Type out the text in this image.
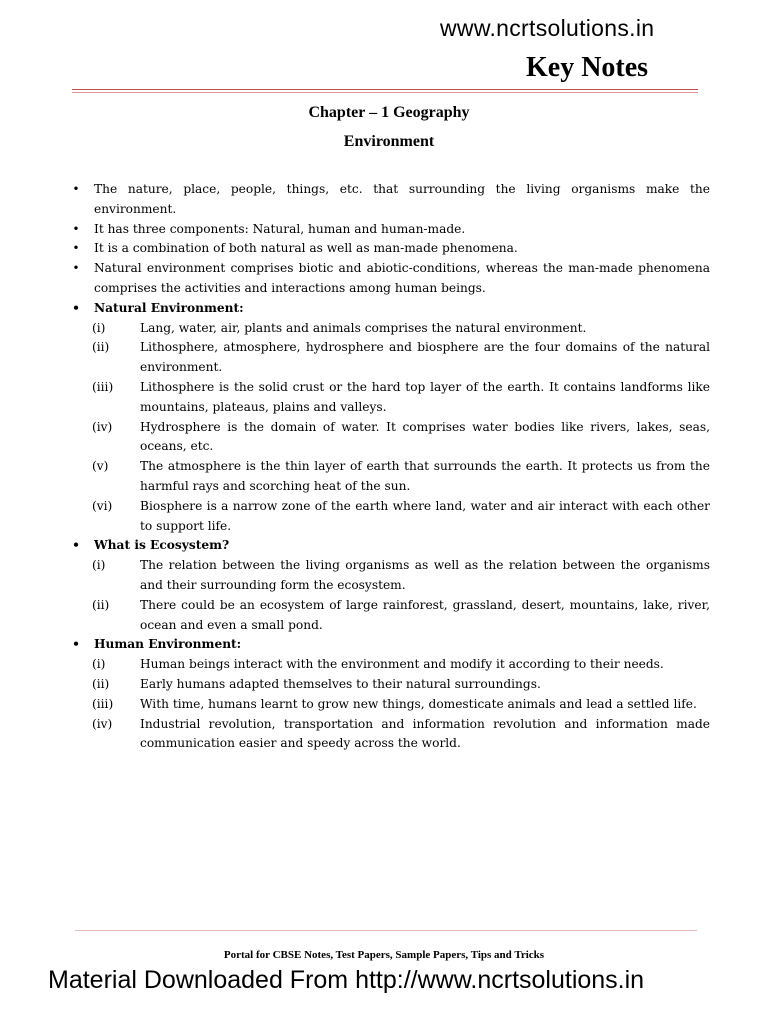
www.ncrtsolutions.in
Key Notes
Chapter – 1 Geography
Environment
• The nature, place, people, things, etc. that surrounding the living organisms make the environment.
• It has three components: Natural, human and human-made.
• It is a combination of both natural as well as man-made phenomena.
• Natural environment comprises biotic and abiotic-conditions, whereas the man-made phenomena comprises the activities and interactions among human beings.
• Natural Environment:
(i)	Lang, water, air, plants and animals comprises the natural environment.
(ii)	Lithosphere, atmosphere, hydrosphere and biosphere are the four domains of the natural environment.
(iii) Lithosphere is the solid crust or the hard top layer of the earth. It contains landforms like mountains, plateaus, plains and valleys.
(iv) Hydrosphere is the domain of water. It comprises water bodies like rivers, lakes, seas, oceans, etc.
(v)	The atmosphere is the thin layer of earth that surrounds the earth. It protects us from the harmful rays and scorching heat of the sun.
(vi) Biosphere is a narrow zone of the earth where land, water and air interact with each other to support life.
• What is Ecosystem?
(i)	The relation between the living organisms as well as the relation between the organisms and their surrounding form the ecosystem.
(ii)	There could be an ecosystem of large rainforest, grassland, desert, mountains, lake, river, ocean and even a small pond.
• Human Environment:
(i)	Human beings interact with the environment and modify it according to their needs.
(ii)	Early humans adapted themselves to their natural surroundings.
(iii) With time, humans learnt to grow new things, domesticate animals and lead a settled life.
(iv) Industrial revolution, transportation and information revolution and information made communication easier and speedy across the world.
Portal for CBSE Notes, Test Papers, Sample Papers, Tips and Tricks
Material Downloaded From http://www.ncrtsolutions.in
